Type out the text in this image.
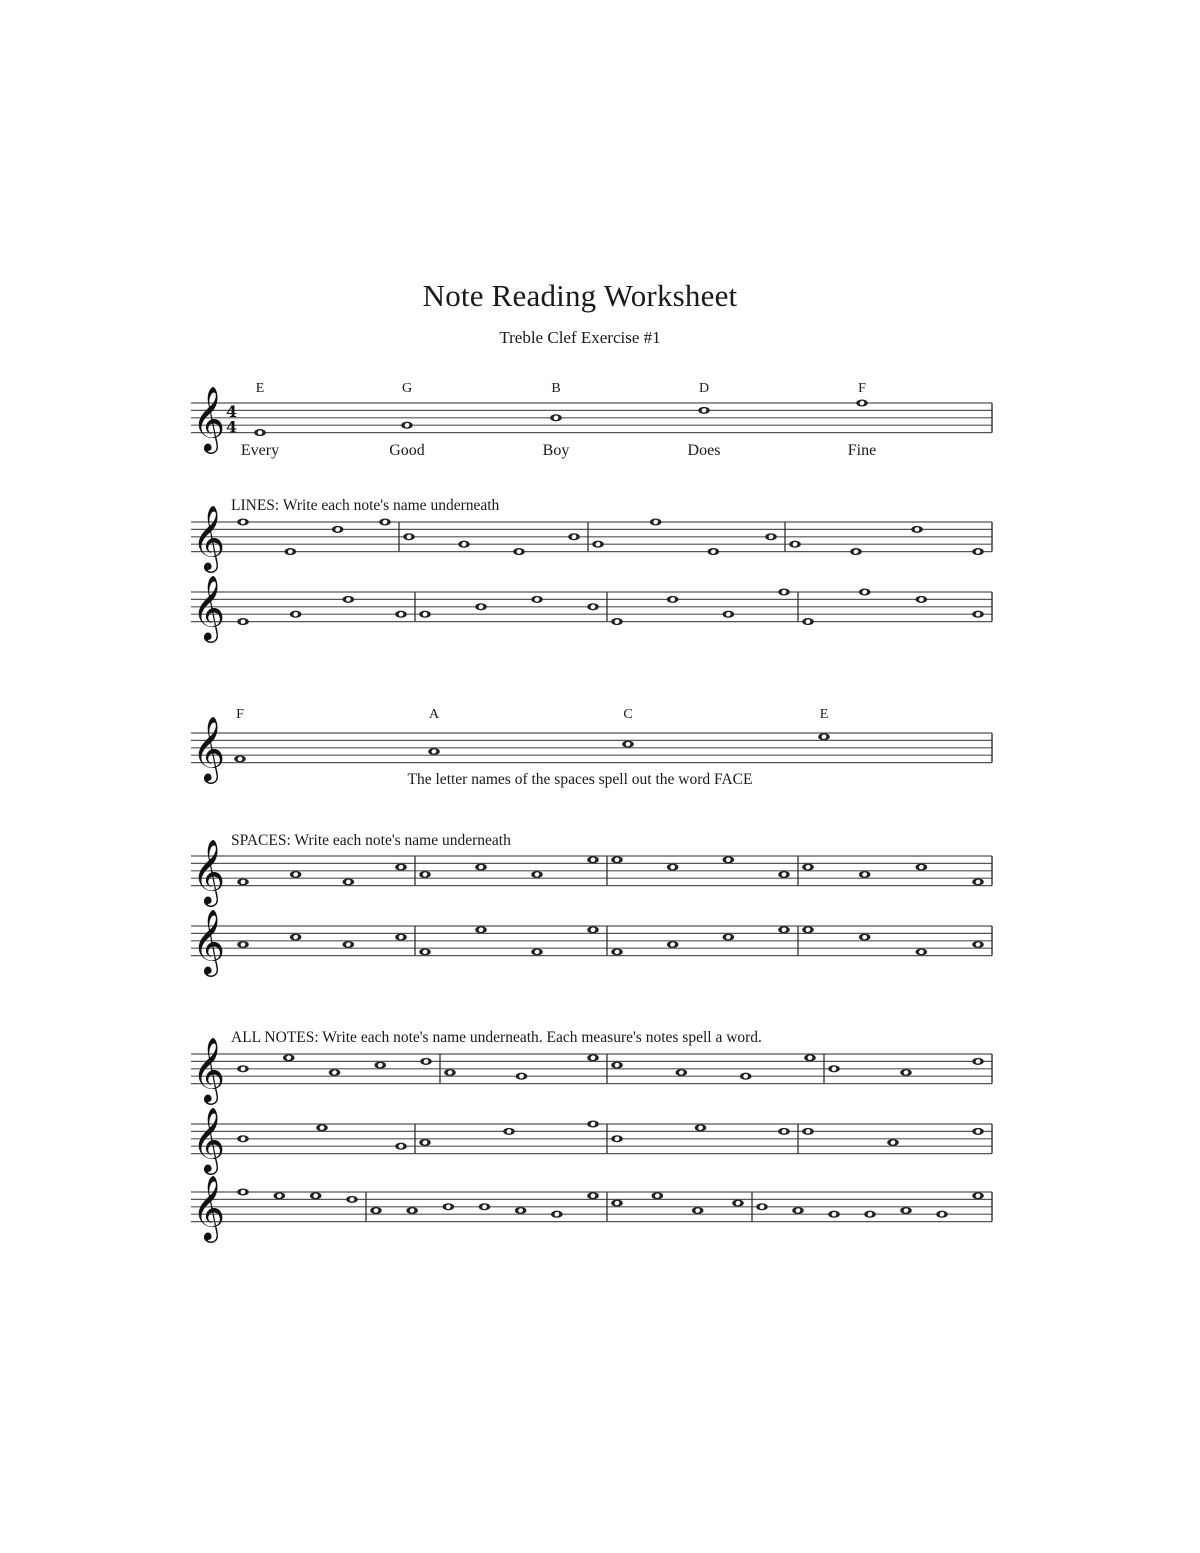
Note Reading Worksheet
Treble Clef Exercise #1
E	G	B	D	F
Every	Good	Boy	Does	Fine
LINES: Write each note's name underneath
F	A	C	E
The letter names of the spaces spell out the word FACE
SPACES: Write each note's name underneath
ALL NOTES: Write each note's name underneath. Each measure's notes spell a word.
𝄞 4
4
𝄞
𝄞
𝄞
𝄞
𝄞
𝄞
𝄞
𝄞
